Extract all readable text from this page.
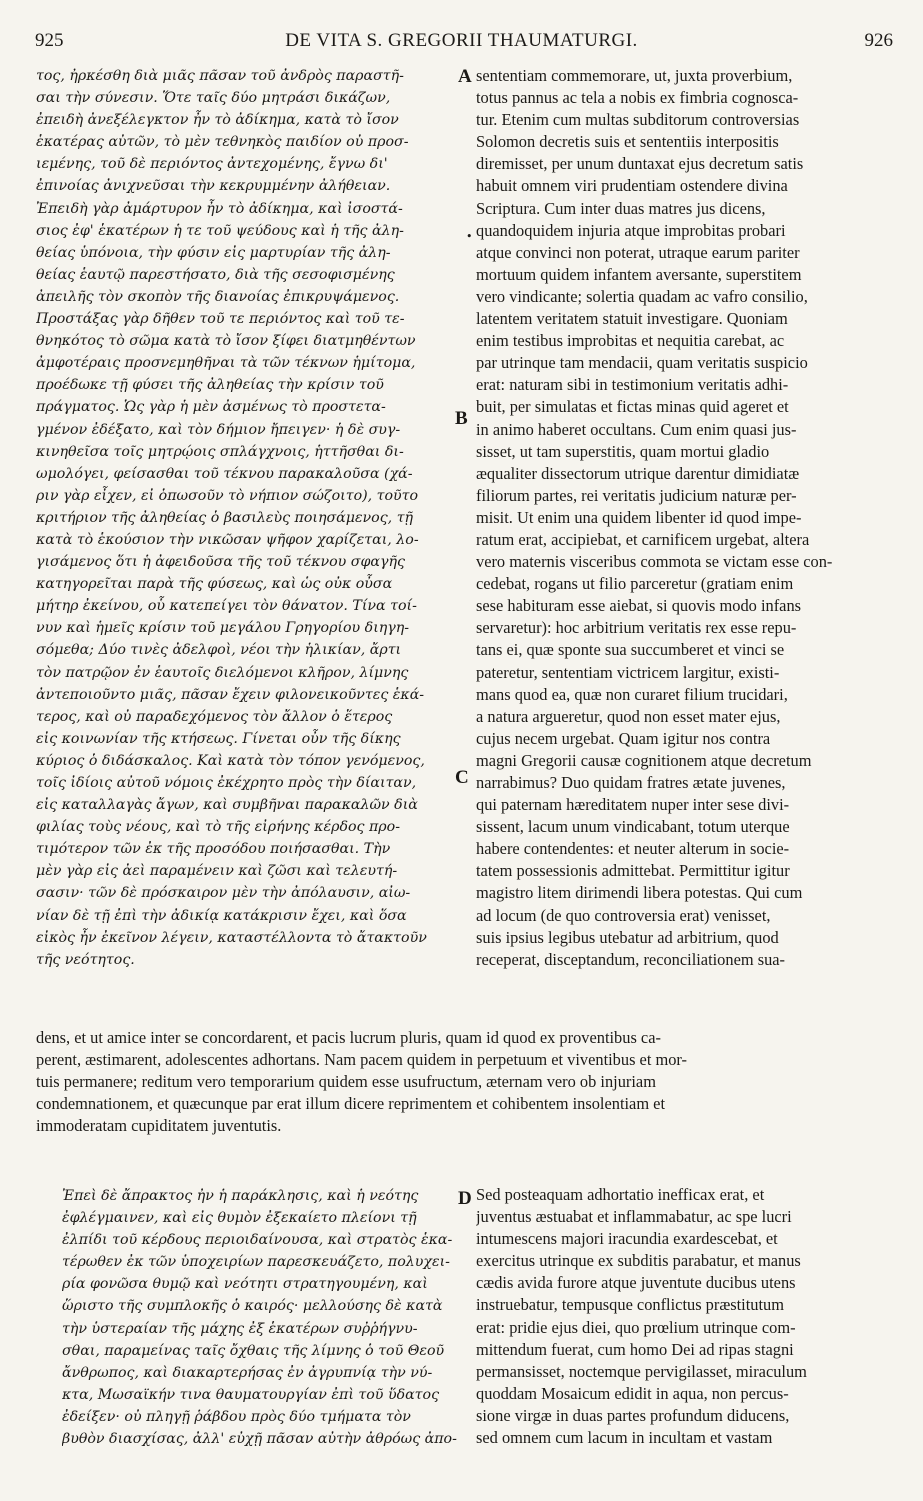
925	DE VITA S. GREGORII THAUMATURGI.	926
τος, ἠρκέσθη διὰ μιᾶς πᾶσαν τοῦ ἀνδρὸς παραστῆ-
σαι τὴν σύνεσιν. Ὅτε ταῖς δύο μητράσι δικάζων,
ἐπειδὴ ἀνεξέλεγκτον ἦν τὸ ἀδίκημα, κατὰ τὸ ἴσον
ἑκατέρας αὐτῶν, τὸ μὲν τεθνηκὸς παιδίον οὐ προσ-
ιεμένης, τοῦ δὲ περιόντος ἀντεχομένης, ἔγνω δι'
ἐπινοίας ἀνιχνεῦσαι τὴν κεκρυμμένην ἀλήθειαν.
Ἐπειδὴ γὰρ ἀμάρτυρον ἦν τὸ ἀδίκημα, καὶ ἰσοστά-
σιος ἐφ' ἑκατέρων ἡ τε τοῦ ψεύδους καὶ ἡ τῆς ἀλη-
θείας ὑπόνοια, τὴν φύσιν εἰς μαρτυρίαν τῆς ἀλη-
θείας ἑαυτῷ παρεστήσατο, διὰ τῆς σεσοφισμένης
ἀπειλῆς τὸν σκοπὸν τῆς διανοίας ἐπικρυψάμενος.
Προστάξας γὰρ δῆθεν τοῦ τε περιόντος καὶ τοῦ τε-
θνηκότος τὸ σῶμα κατὰ τὸ ἴσον ξίφει διατμηθέντων
ἀμφοτέραις προσνεμηθῆναι τὰ τῶν τέκνων ἡμίτομα,
προέδωκε τῇ φύσει τῆς ἀληθείας τὴν κρίσιν τοῦ
πράγματος. Ὡς γὰρ ἡ μὲν ἀσμένως τὸ προστετα-
γμένον ἐδέξατο, καὶ τὸν δήμιον ἤπειγεν· ἡ δὲ συγ-
κινηθεῖσα τοῖς μητρῴοις σπλάγχνοις, ἡττῆσθαι δι-
ωμολόγει, φείσασθαι τοῦ τέκνου παρακαλοῦσα (χά-
ριν γὰρ εἶχεν, εἰ ὁπωσοῦν τὸ νήπιον σώζοιτο), τοῦτο
κριτήριον τῆς ἀληθείας ὁ βασιλεὺς ποιησάμενος, τῇ
κατὰ τὸ ἑκούσιον τὴν νικῶσαν ψῆφον χαρίζεται, λο-
γισάμενος ὅτι ἡ ἀφειδοῦσα τῆς τοῦ τέκνου σφαγῆς
κατηγορεῖται παρὰ τῆς φύσεως, καὶ ὡς οὐκ οὖσα
μήτηρ ἐκείνου, οὗ κατεπείγει τὸν θάνατον. Τίνα τοί-
νυν καὶ ἡμεῖς κρίσιν τοῦ μεγάλου Γρηγορίου διηγη-
σόμεθα; Δύο τινὲς ἀδελφοὶ, νέοι τὴν ἡλικίαν, ἄρτι
τὸν πατρῷον ἐν ἑαυτοῖς διελόμενοι κλῆρον, λίμνης
ἀντεποιοῦντο μιᾶς, πᾶσαν ἔχειν φιλονεικοῦντες ἑκά-
τερος, καὶ οὐ παραδεχόμενος τὸν ἄλλον ὁ ἕτερος
εἰς κοινωνίαν τῆς κτήσεως. Γίνεται οὖν τῆς δίκης
κύριος ὁ διδάσκαλος. Καὶ κατὰ τὸν τόπον γενόμενος,
τοῖς ἰδίοις αὐτοῦ νόμοις ἐκέχρητο πρὸς τὴν δίαιταν,
εἰς καταλλαγὰς ἄγων, καὶ συμβῆναι παρακαλῶν διὰ
φιλίας τοὺς νέους, καὶ τὸ τῆς εἰρήνης κέρδος προ-
τιμότερον τῶν ἐκ τῆς προσόδου ποιήσασθαι. Τὴν
μὲν γὰρ εἰς ἀεὶ παραμένειν καὶ ζῶσι καὶ τελευτή-
σασιν· τῶν δὲ πρόσκαιρον μὲν τὴν ἀπόλαυσιν, αἰω-
νίαν δὲ τῇ ἐπὶ τὴν ἀδικίᾳ κατάκρισιν ἔχει, καὶ ὅσα
εἰκὸς ἦν ἐκεῖνον λέγειν, καταστέλλοντα τὸ ἄτακτοῦν
τῆς νεότητος.
sententiam commemorare, ut, juxta proverbium,
totus pannus ac tela a nobis ex fimbria cognosca-
tur. Etenim cum multas subditorum controversias
Solomon decretis suis et sententiis interpositis
diremisset, per unum duntaxat ejus decretum satis
habuit omnem viri prudentiam ostendere divina
Scriptura. Cum inter duas matres jus dicens,
quandoquidem injuria atque improbitas probari
atque convinci non poterat, utraque earum pariter
mortuum quidem infantem aversante, superstitem
vero vindicante; solertia quadam ac vafro consilio,
latentem veritatem statuit investigare. Quoniam
enim testibus improbitas et nequitia carebat, ac
par utrinque tam mendacii, quam veritatis suspicio
erat: naturam sibi in testimonium veritatis adhi-
buit, per simulatas et fictas minas quid ageret et
in animo haberet occultans. Cum enim quasi jus-
sisset, ut tam superstitis, quam mortui gladio
æqualiter dissectorum utrique darentur dimidiatæ
filiorum partes, rei veritatis judicium naturæ per-
misit. Ut enim una quidem libenter id quod impe-
ratum erat, accipiebat, et carnificem urgebat, altera
vero maternis visceribus commota se victam esse con-
cedebat, rogans ut filio parceretur (gratiam enim
sese habituram esse aiebat, si quovis modo infans
servaretur): hoc arbitrium veritatis rex esse repu-
tans ei, quæ sponte sua succumberet et vinci se
pateretur, sententiam victricem largitur, existi-
mans quod ea, quæ non curaret filium trucidari,
a natura argueretur, quod non esset mater ejus,
cujus necem urgebat. Quam igitur nos contra
magni Gregorii causæ cognitionem atque decretum
narrabimus? Duo quidam fratres ætate juvenes,
qui paternam hæreditatem nuper inter sese divi-
sissent, lacum unum vindicabant, totum uterque
habere contendentes: et neuter alterum in socie-
tatem possessionis admittebat. Permittitur igitur
magistro litem dirimendi libera potestas. Qui cum
ad locum (de quo controversia erat) venisset,
suis ipsius legibus utebatur ad arbitrium, quod
receperat, disceptandum, reconciliationem sua-
A
B
C
D
•
dens, et ut amice inter se concordarent, et pacis lucrum pluris, quam id quod ex proventibus ca-
perent, æstimarent, adolescentes adhortans. Nam pacem quidem in perpetuum et viventibus et mor-
tuis permanere; reditum vero temporarium quidem esse usufructum, æternam vero ob injuriam
condemnationem, et quæcunque par erat illum dicere reprimentem et cohibentem insolentiam et
immoderatam cupiditatem juventutis.
Ἐπεὶ δὲ ἄπρακτος ἦν ἡ παράκλησις, καὶ ἡ νεότης
ἐφλέγμαινεν, καὶ εἰς θυμὸν ἐξεκαίετο πλείονι τῇ
ἐλπίδι τοῦ κέρδους περιοιδαίνουσα, καὶ στρατὸς ἑκα-
τέρωθεν ἐκ τῶν ὑποχειρίων παρεσκευάζετο, πολυχει-
ρία φονῶσα θυμῷ καὶ νεότητι στρατηγουμένη, καὶ
ὥριστο τῆς συμπλοκῆς ὁ καιρός· μελλούσης δὲ κατὰ
τὴν ὑστεραίαν τῆς μάχης ἐξ ἑκατέρων συῤῥήγνυ-
σθαι, παραμείνας ταῖς ὄχθαις τῆς λίμνης ὁ τοῦ Θεοῦ
ἄνθρωπος, καὶ διακαρτερήσας ἐν ἀγρυπνίᾳ τὴν νύ-
κτα, Μωσαϊκήν τινα θαυματουργίαν ἐπὶ τοῦ ὕδατος
ἐδείξεν· οὐ πληγῇ ῥάβδου πρὸς δύο τμήματα τὸν
βυθὸν διασχίσας, ἀλλ' εὐχῇ πᾶσαν αὐτὴν ἀθρόως ἀπο-
Sed posteaquam adhortatio inefficax erat, et
juventus æstuabat et inflammabatur, ac spe lucri
intumescens majori iracundia exardescebat, et
exercitus utrinque ex subditis parabatur, et manus
cædis avida furore atque juventute ducibus utens
instruebatur, tempusque conflictus præstitutum
erat: pridie ejus diei, quo prœlium utrinque com-
mittendum fuerat, cum homo Dei ad ripas stagni
permansisset, noctemque pervigilasset, miraculum
quoddam Mosaicum edidit in aqua, non percus-
sione virgæ in duas partes profundum diducens,
sed omnem cum lacum in incultam et vastam
